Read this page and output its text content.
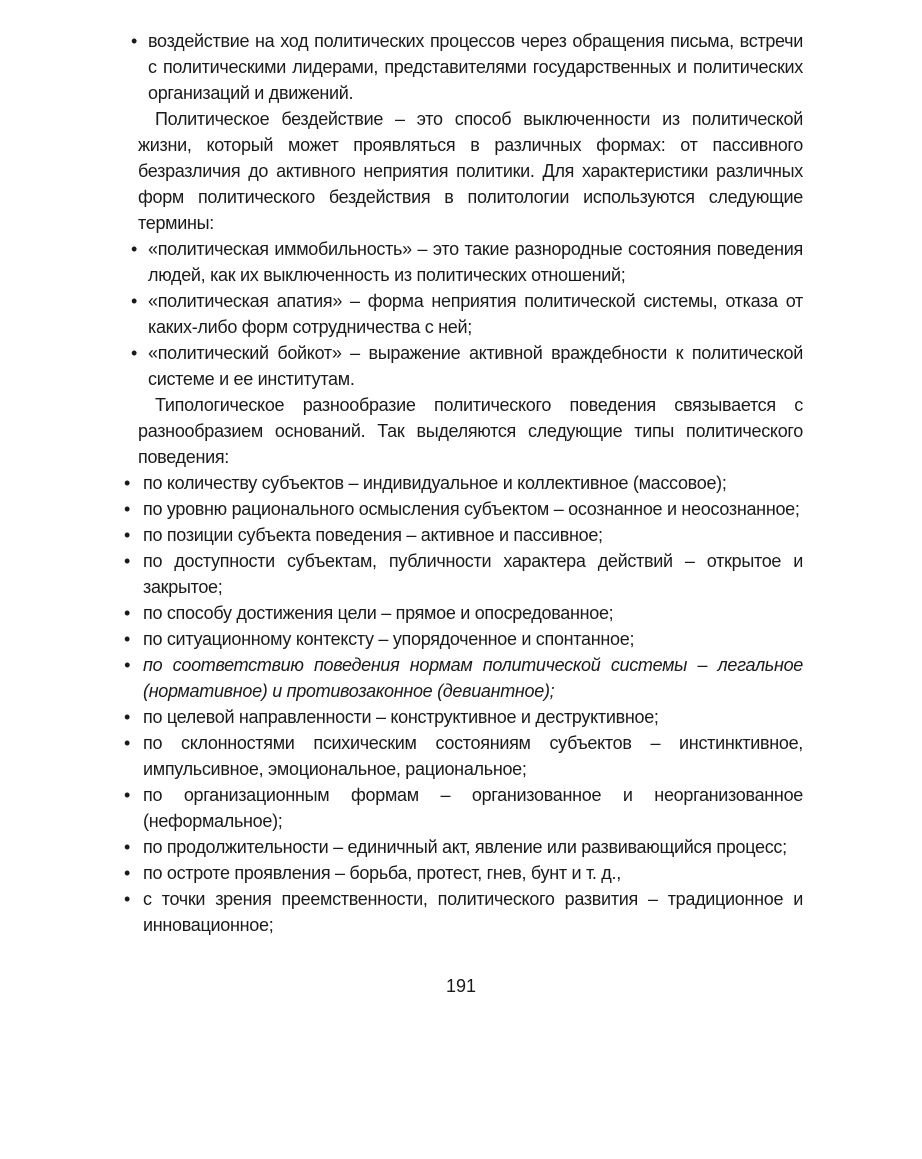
• воздействие на ход политических процессов через обращения письма, встречи с политическими лидерами, представителями государственных и политических организаций и движений.

Политическое бездействие – это способ выключенности из политической жизни, который может проявляться в различных формах: от пассивного безразличия до активного неприятия политики. Для характеристики различных форм политического бездействия в политологии используются следующие термины:

• «политическая иммобильность» – это такие разнородные состояния поведения людей, как их выключенность из политических отношений;
• «политическая апатия» – форма неприятия политической системы, отказа от каких-либо форм сотрудничества с ней;
• «политический бойкот» – выражение активной враждебности к политической системе и ее институтам.

Типологическое разнообразие политического поведения связывается с разнообразием оснований. Так выделяются следующие типы политического поведения:

• по количеству субъектов – индивидуальное и коллективное (массовое);
• по уровню рационального осмысления субъектом – осознанное и неосознанное;
• по позиции субъекта поведения – активное и пассивное;
• по доступности субъектам, публичности характера действий – открытое и закрытое;
• по способу достижения цели – прямое и опосредованное;
• по ситуационному контексту – упорядоченное и спонтанное;
• по соответствию поведения нормам политической системы – легальное (нормативное) и противозаконное (девиантное);
• по целевой направленности – конструктивное и деструктивное;
• по склонностями психическим состояниям субъектов – инстинктивное, импульсивное, эмоциональное, рациональное;
• по организационным формам – организованное и неорганизованное (неформальное);
• по продолжительности – единичный акт, явление или развивающийся процесс;
• по остроте проявления – борьба, протест, гнев, бунт и т. д.,
• с точки зрения преемственности, политического развития – традиционное и инновационное;
191
